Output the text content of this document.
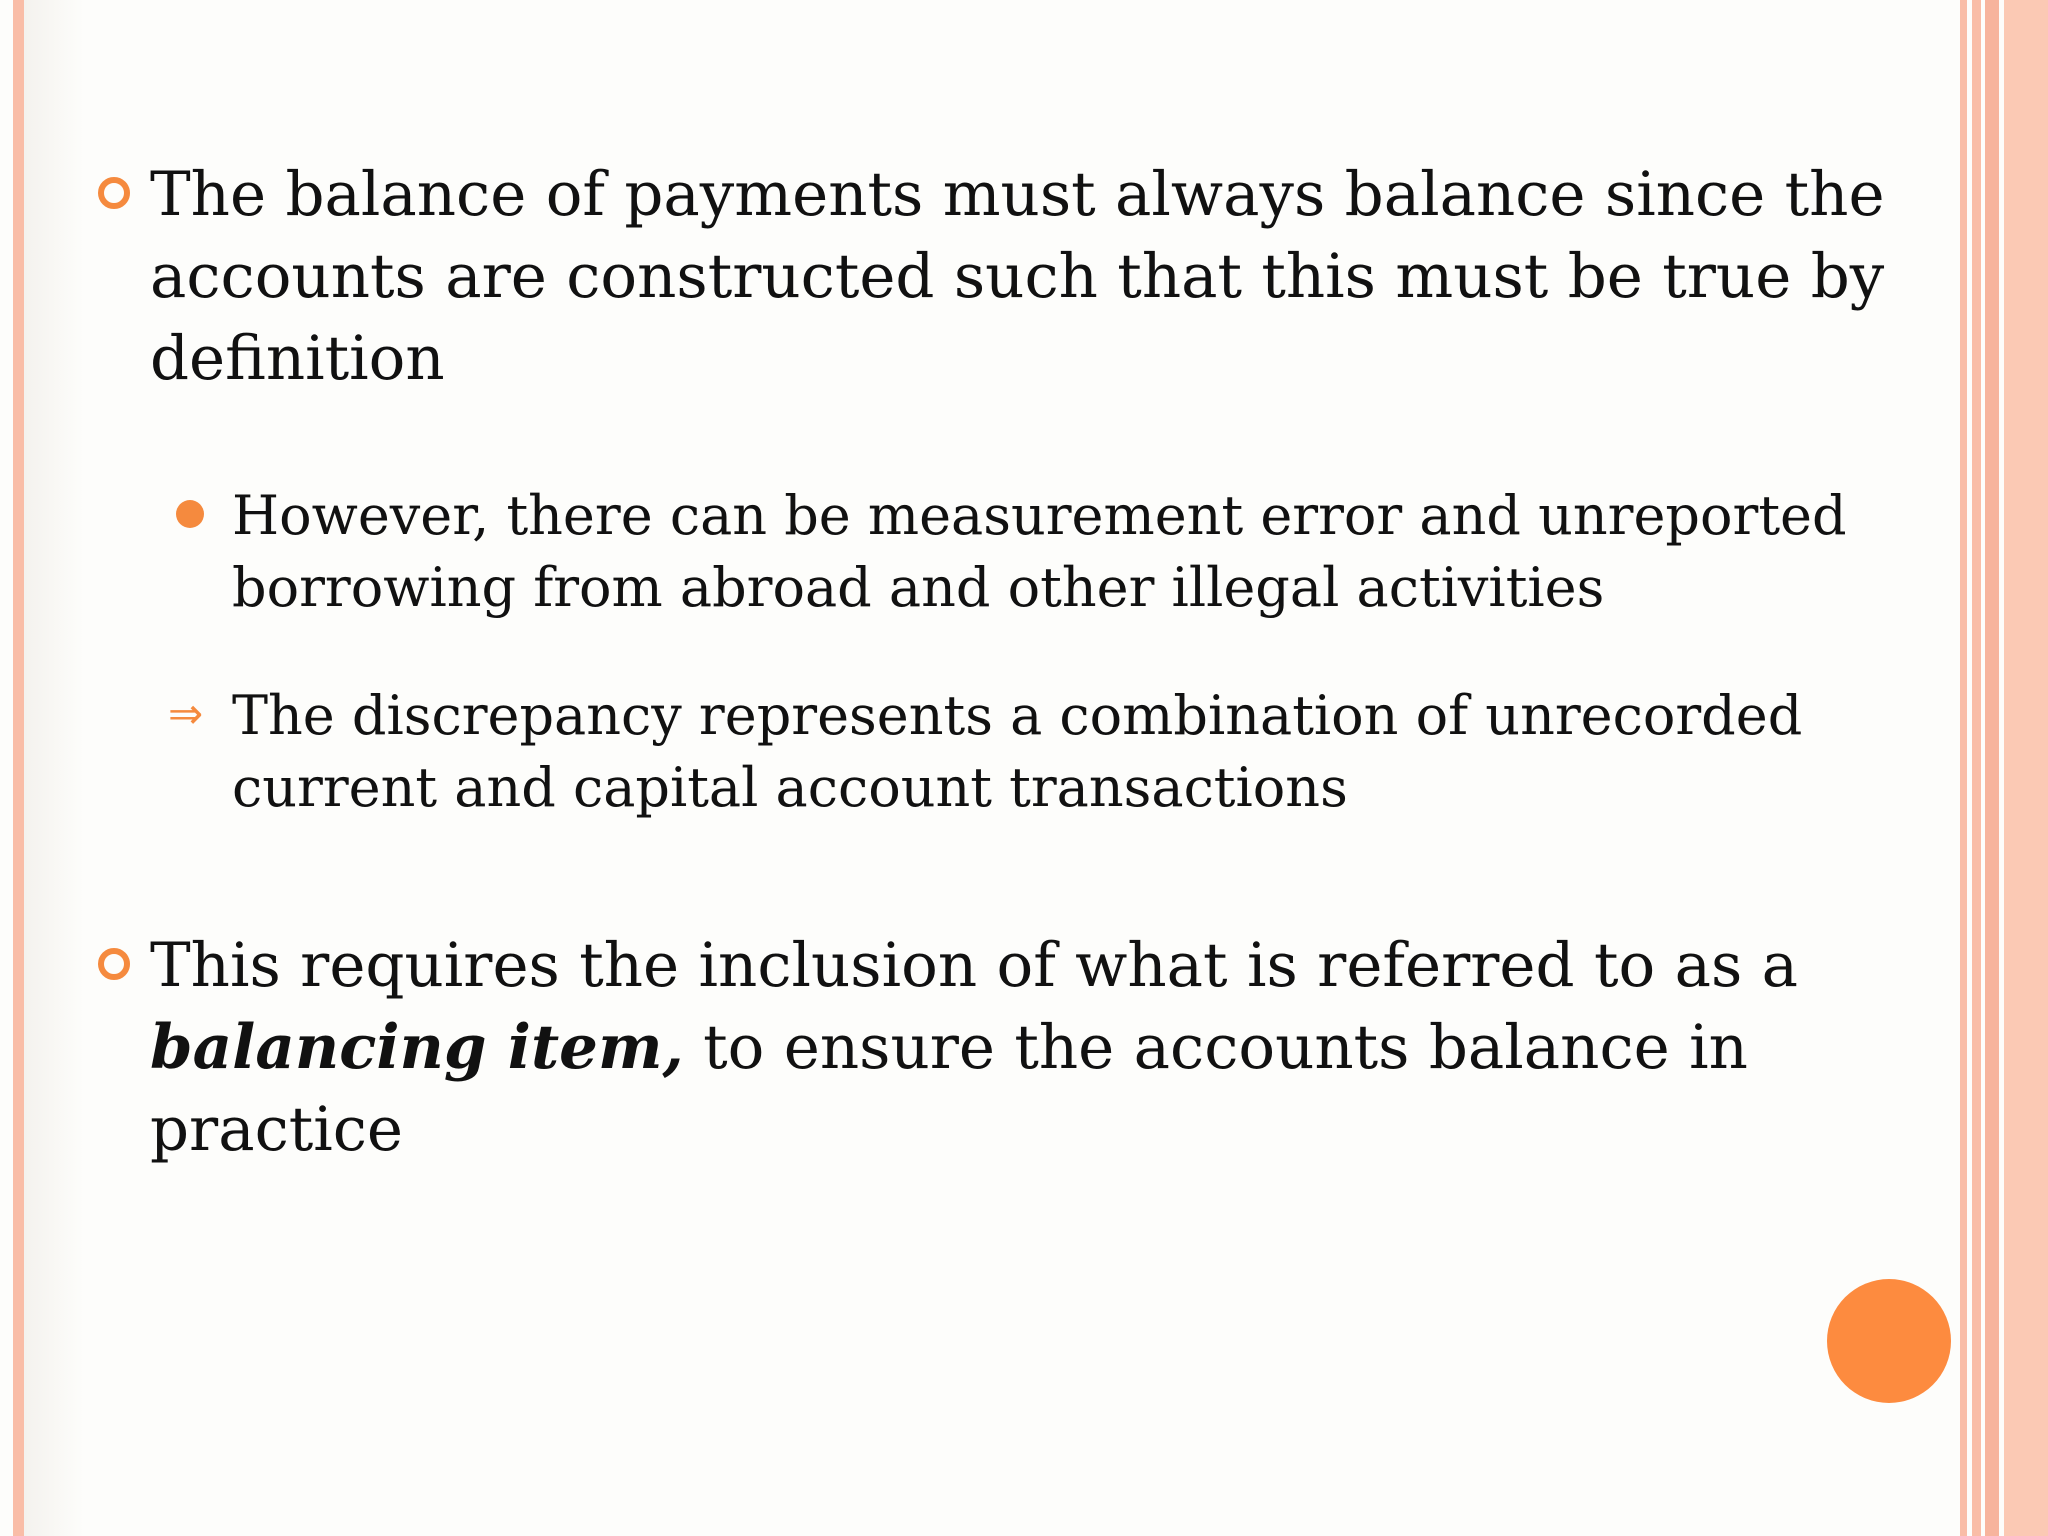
The balance of payments must always balance since the accounts are constructed such that this must be true by definition
However, there can be measurement error and unreported borrowing from abroad and other illegal activities
⇒ The discrepancy represents a combination of unrecorded current and capital account transactions
This requires the inclusion of what is referred to as a balancing item, to ensure the accounts balance in practice
